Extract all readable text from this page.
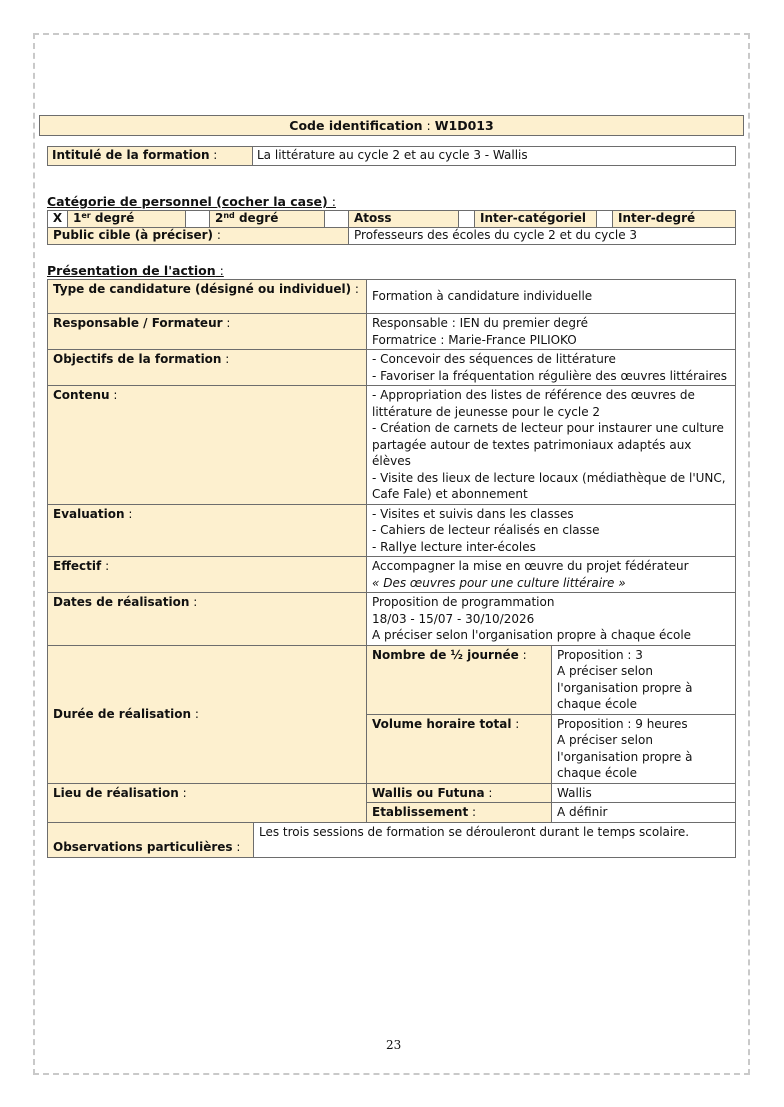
Code identification : W1D013
Intitulé de la formation :	La littérature au cycle 2 et au cycle 3 - Wallis
Catégorie de personnel (cocher la case) :
X	1er degré		2nd degré		Atoss		Inter-catégoriel		Inter-degré
Public cible (à préciser) :					Professeurs des écoles du cycle 2 et du cycle 3				
Présentation de l'action :
Type de candidature (désigné ou individuel) :		Formation à candidature individuelle	
Responsable / Formateur :		Responsable : IEN du premier degré
Formatrice : Marie-France PILIOKO	

Objectifs de la formation :		- Concevoir des séquences de littérature
- Favoriser la fréquentation régulière des œuvres littéraires	

Contenu :		- Appropriation des listes de référence des œuvres de littérature de jeunesse pour le cycle 2
- Création de carnets de lecteur pour instaurer une culture partagée autour de textes patrimoniaux adaptés aux élèves
- Visite des lieux de lecture locaux (médiathèque de l'UNC, Cafe Fale) et abonnement	

Evaluation :		- Visites et suivis dans les classes
- Cahiers de lecteur réalisés en classe
- Rallye lecture inter-écoles	

Effectif :		Accompagner la mise en œuvre du projet fédérateur
« Des œuvres pour une culture littéraire »	

Dates de réalisation :		Proposition de programmation
18/03 - 15/07 - 30/10/2026
A préciser selon l'organisation propre à chaque école	

Durée de réalisation :		Nombre de ½ journée :	Proposition : 3
A préciser selon l'organisation propre à chaque école

		Volume horaire total :	Proposition : 9 heures
A préciser selon l'organisation propre à chaque école

Lieu de réalisation :		Wallis ou Futuna :	Wallis
		Etablissement :	A définir
Observations particulières :	Les trois sessions de formation se dérouleront durant le temps scolaire.		
23
